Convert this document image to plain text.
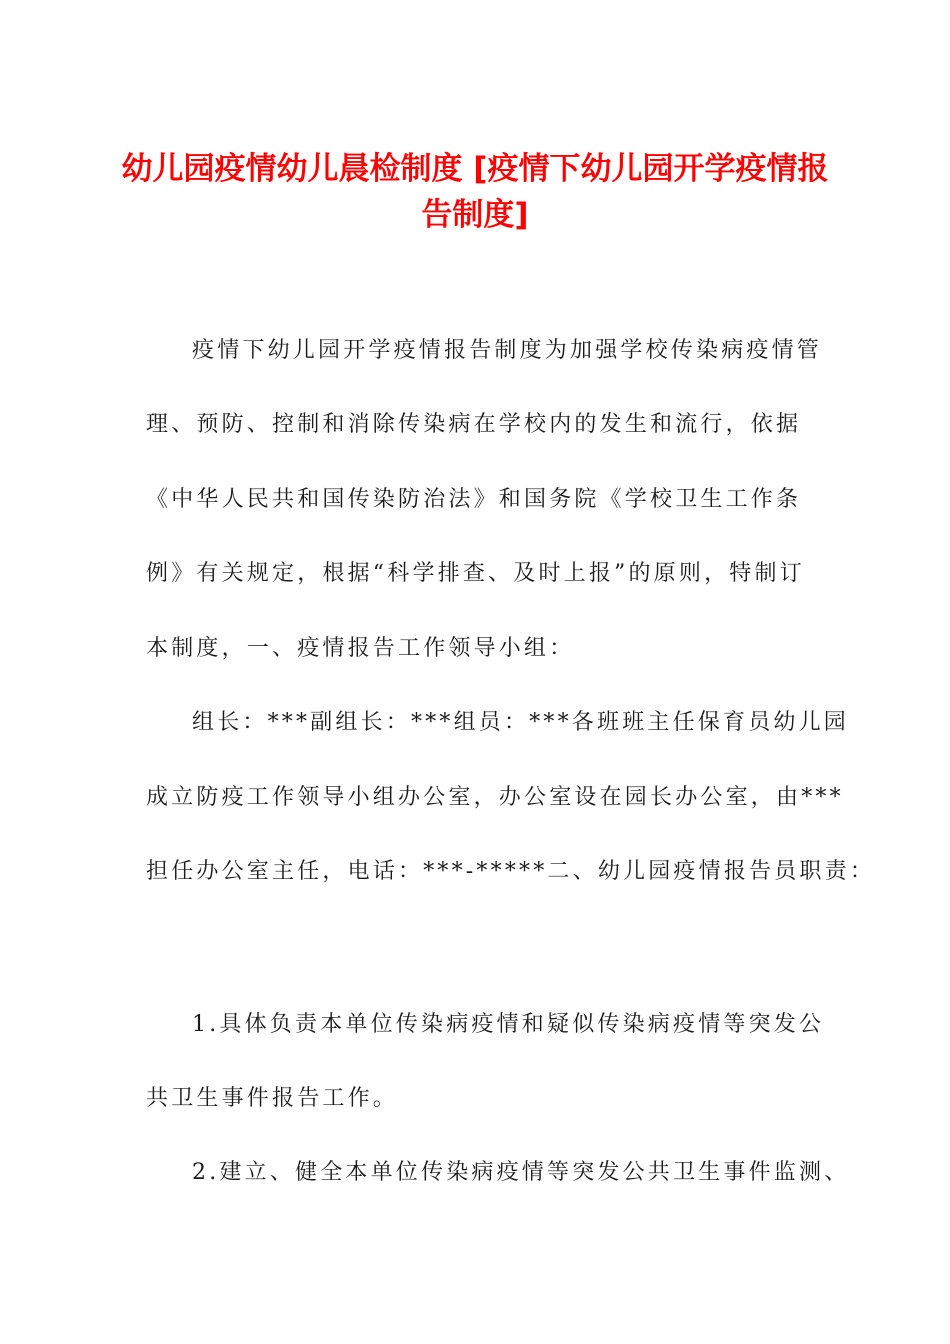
幼儿园疫情幼儿晨检制度 [疫情下幼儿园开学疫情报告制度]

疫情下幼儿园开学疫情报告制度为加强学校传染病疫情管

理、预防、控制和消除传染病在学校内的发生和流行，依据

《中华人民共和国传染防治法》和国务院《学校卫生工作条

例》有关规定，根据“科学排查、及时上报”的原则，特制订

本制度，一、疫情报告工作领导小组：

组长：***副组长：***组员：***各班班主任保育员幼儿园

成立防疫工作领导小组办公室，办公室设在园长办公室，由***

担任办公室主任，电话：***-*****二、幼儿园疫情报告员职责：

1.具体负责本单位传染病疫情和疑似传染病疫情等突发公

共卫生事件报告工作。

2.建立、健全本单位传染病疫情等突发公共卫生事件监测、
